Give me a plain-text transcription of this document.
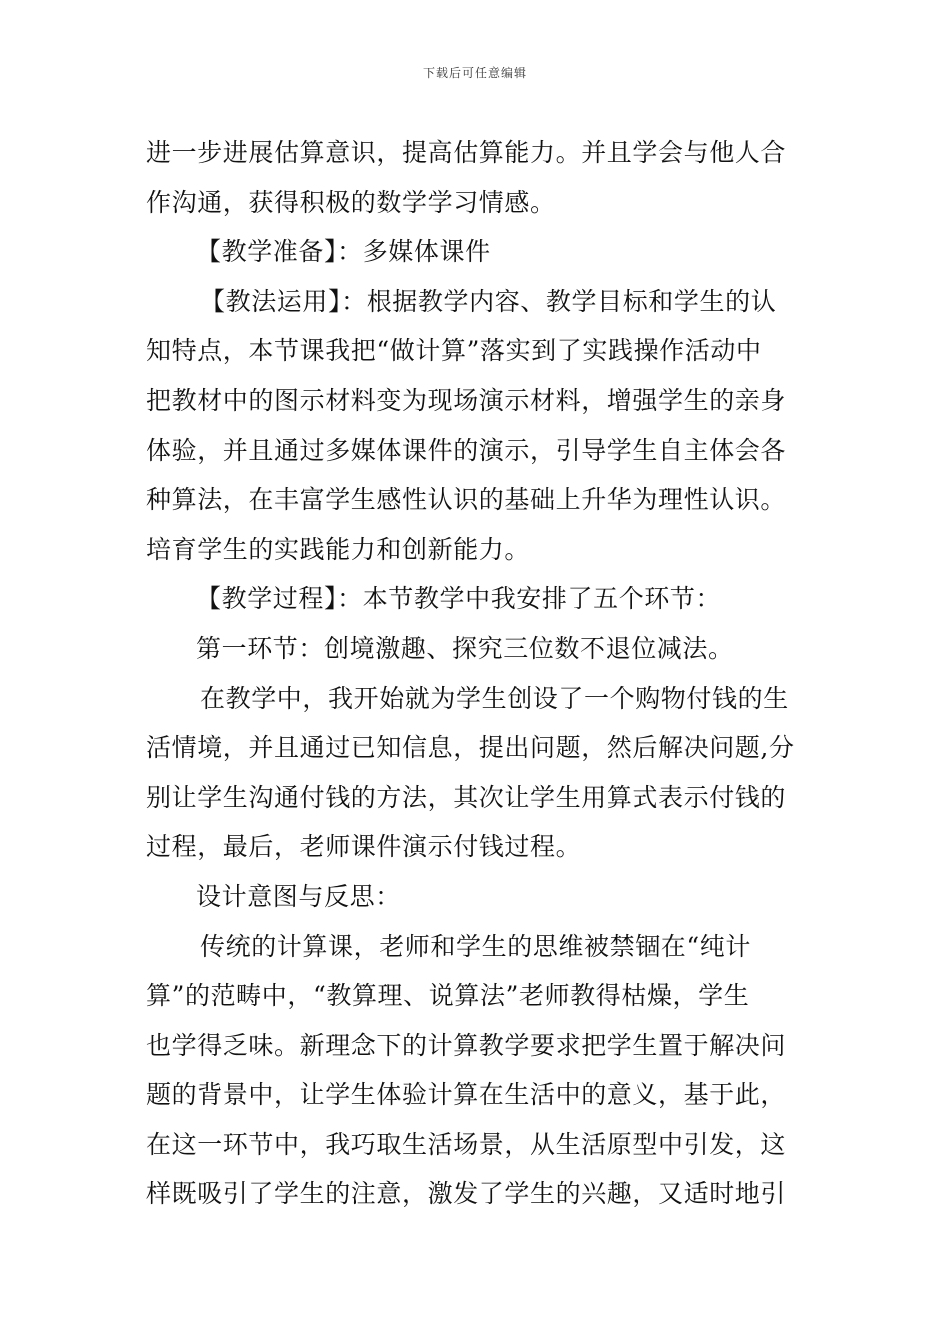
下载后可任意编辑
进一步进展估算意识，提高估算能力。并且学会与他人合
作沟通，获得积极的数学学习情感。
【教学准备】：多媒体课件
【教法运用】：根据教学内容、教学目标和学生的认
知特点，本节课我把“做计算”落实到了实践操作活动中
把教材中的图示材料变为现场演示材料，增强学生的亲身
体验，并且通过多媒体课件的演示，引导学生自主体会各
种算法，在丰富学生感性认识的基础上升华为理性认识。
培育学生的实践能力和创新能力。
【教学过程】：本节教学中我安排了五个环节：
第一环节：创境激趣、探究三位数不退位减法。
在教学中，我开始就为学生创设了一个购物付钱的生
活情境，并且通过已知信息，提出问题，然后解决问题,分
别让学生沟通付钱的方法，其次让学生用算式表示付钱的
过程，最后，老师课件演示付钱过程。
设计意图与反思：
传统的计算课，老师和学生的思维被禁锢在“纯计
算”的范畴中，“教算理、说算法”老师教得枯燥，学生
也学得乏味。新理念下的计算教学要求把学生置于解决问
题的背景中，让学生体验计算在生活中的意义，基于此，
在这一环节中，我巧取生活场景，从生活原型中引发，这
样既吸引了学生的注意，激发了学生的兴趣，又适时地引
